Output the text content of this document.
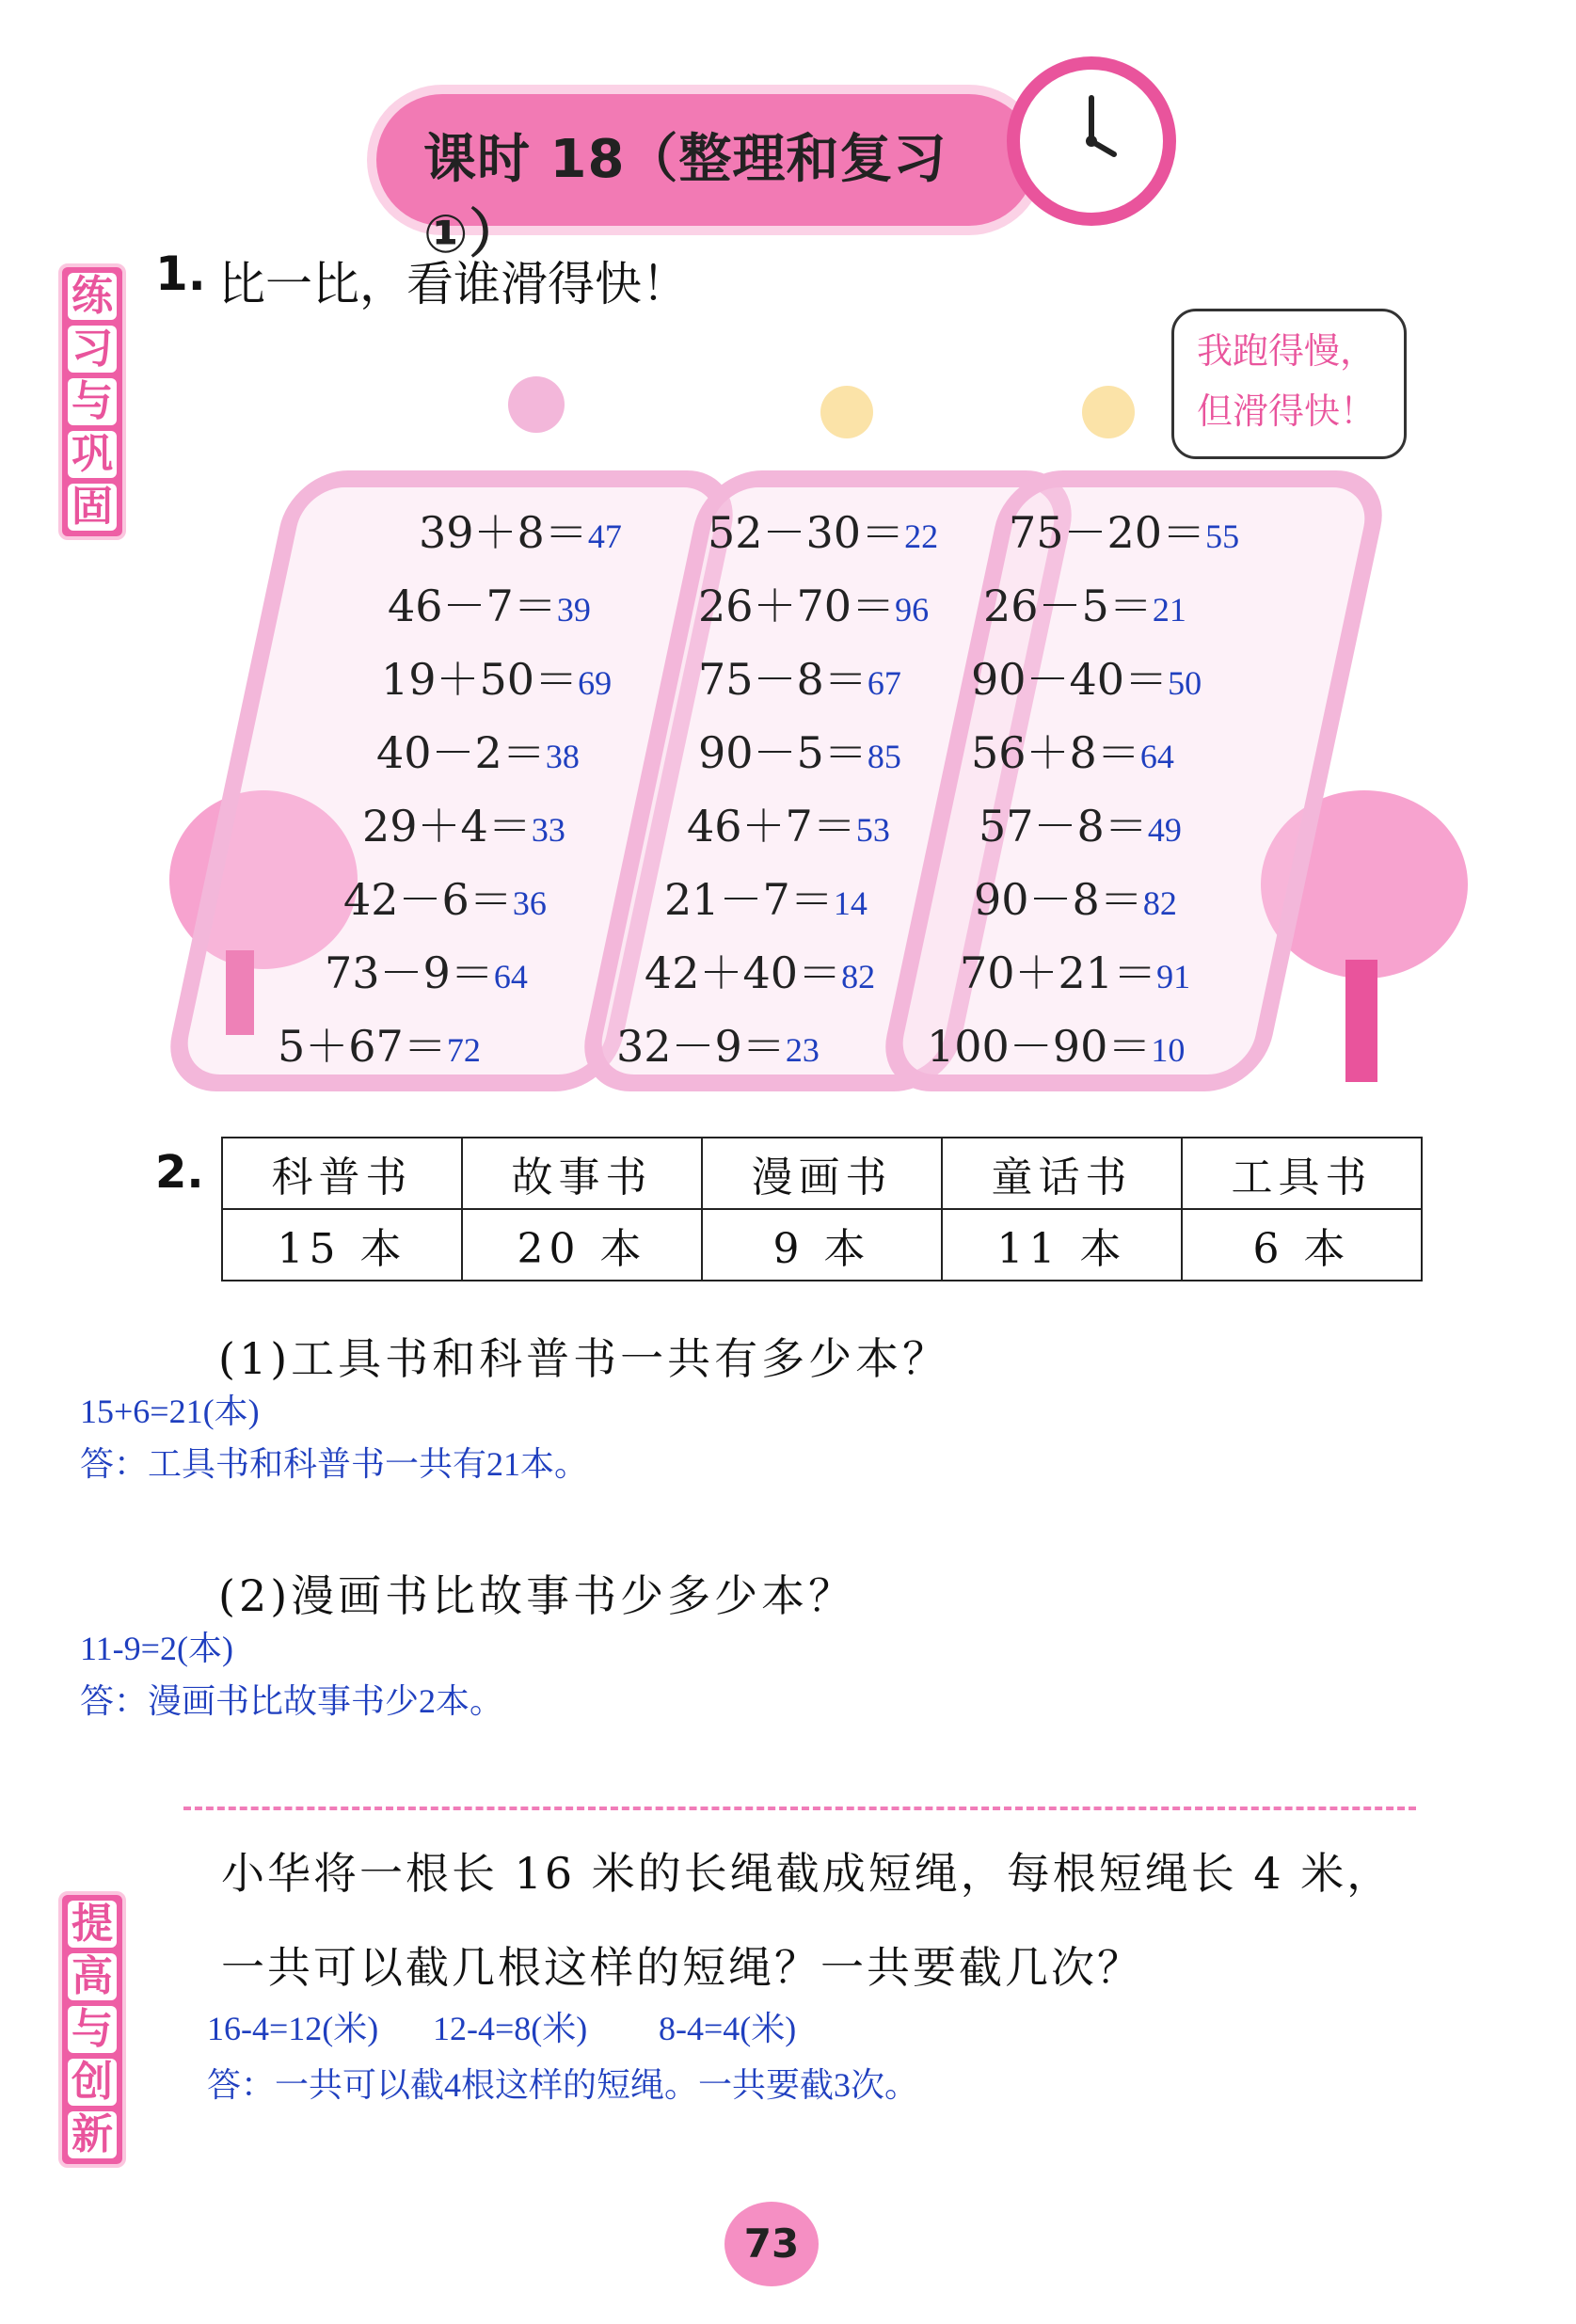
课时 18（整理和复习①）
练
习
与
巩
固
提
高
与
创
新
1. 比一比，看谁滑得快！
我跑得慢，
但滑得快！
39＋8＝47
46－7＝39
19＋50＝69
40－2＝38
29＋4＝33
42－6＝36
73－9＝64
5＋67＝72
52－30＝22
26＋70＝96
75－8＝67
90－5＝85
46＋7＝53
21－7＝14
42＋40＝82
32－9＝23
75－20＝55
26－5＝21
90－40＝50
56＋8＝64
57－8＝49
90－8＝82
70＋21＝91
100－90＝10
2. 科普书	故事书	漫画书	童话书	工具书
15 本	20 本	9 本	11 本	6 本
(1)工具书和科普书一共有多少本？
15+6=21(本)
答：工具书和科普书一共有21本。
(2)漫画书比故事书少多少本？
11-9=2(本)
答：漫画书比故事书少2本。
小华将一根长 16 米的长绳截成短绳，每根短绳长 4 米，
一共可以截几根这样的短绳？一共要截几次？
16-4=12(米) 12-4=8(米) 8-4=4(米)
答：一共可以截4根这样的短绳。一共要截3次。
73
